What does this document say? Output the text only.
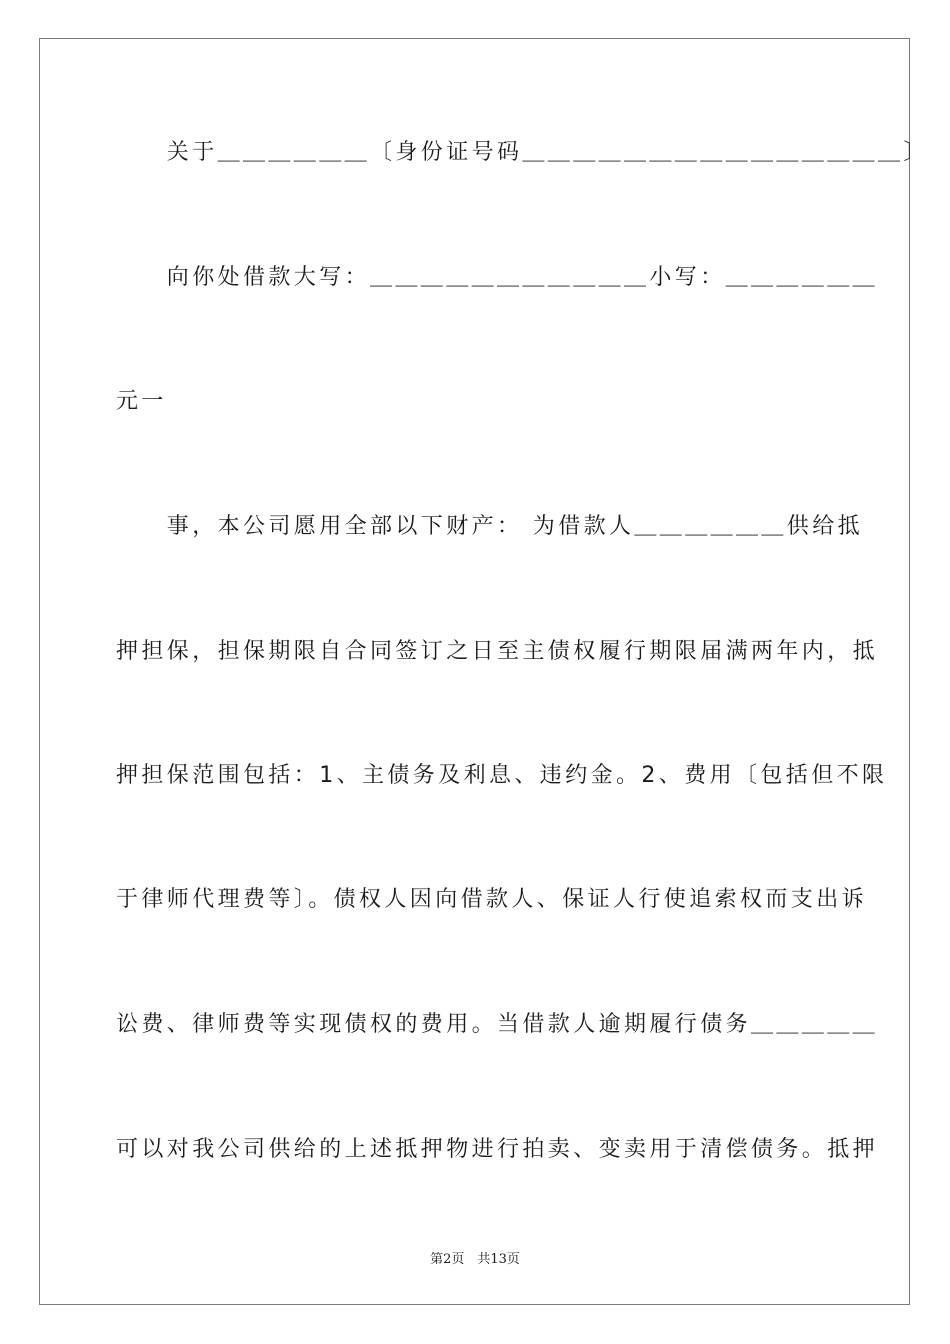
　　关于＿＿＿＿＿＿〔身份证号码＿＿＿＿＿＿＿＿＿＿＿＿＿＿＿〕
　　向你处借款大写：＿＿＿＿＿＿＿＿＿＿＿小写：＿＿＿＿＿＿
元一
　　事，本公司愿用全部以下财产： 为借款人＿＿＿＿＿＿供给抵
押担保，担保期限自合同签订之日至主债权履行期限届满两年内，抵
押担保范围包括：1、主债务及利息、违约金。2、费用〔包括但不限
于律师代理费等〕。债权人因向借款人、保证人行使追索权而支出诉
讼费、律师费等实现债权的费用。当借款人逾期履行债务＿＿＿＿＿
可以对我公司供给的上述抵押物进行拍卖、变卖用于清偿债务。抵押
第2页　共13页
